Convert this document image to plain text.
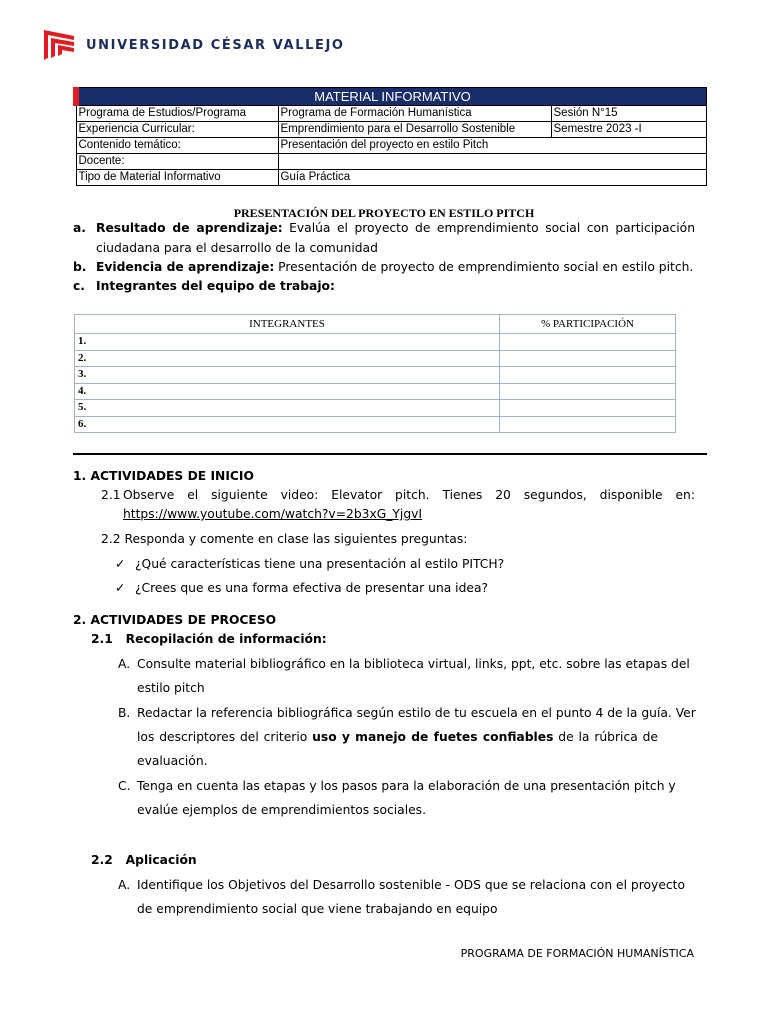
UNIVERSIDAD CÉSAR VALLEJO
MATERIAL INFORMATIVO		
Programa de Estudios/Programa	Programa de Formación Humanística	Sesión N°15
Experiencia Curricular:	Emprendimiento para el Desarrollo Sostenible	Semestre 2023 -I
Contenido temático:	Presentación del proyecto en estilo Pitch	
Docente:		
Tipo de Material Informativo	Guía Práctica	
PRESENTACIÓN DEL PROYECTO EN ESTILO PITCH
a. Resultado de aprendizaje: Evalúa el proyecto de emprendimiento social con participación ciudadana para el desarrollo de la comunidad
b. Evidencia de aprendizaje: Presentación de proyecto de emprendimiento social en estilo pitch.
c. Integrantes del equipo de trabajo:
INTEGRANTES	% PARTICIPACIÓN
1.	
2.	
3.	
4.	
5.	
6.	
1. ACTIVIDADES DE INICIO
2.1 Observe el siguiente video: Elevator pitch. Tienes 20 segundos, disponible en:
https://www.youtube.com/watch?v=2b3xG_YjgvI
2.2 Responda y comente en clase las siguientes preguntas:
✓ ¿Qué características tiene una presentación al estilo PITCH?
✓ ¿Crees que es una forma efectiva de presentar una idea?
2. ACTIVIDADES DE PROCESO
2.1   Recopilación de información:
A. Consulte material bibliográfico en la biblioteca virtual, links, ppt, etc. sobre las etapas del
estilo pitch
B. Redactar la referencia bibliográfica según estilo de tu escuela en el punto 4 de la guía. Ver
los descriptores del criterio uso y manejo de fuetes confiables de la rúbrica de
evaluación.
C. Tenga en cuenta las etapas y los pasos para la elaboración de una presentación pitch y
evalúe ejemplos de emprendimientos sociales.
2.2   Aplicación
A. Identifique los Objetivos del Desarrollo sostenible - ODS que se relaciona con el proyecto
de emprendimiento social que viene trabajando en equipo
PROGRAMA DE FORMACIÓN HUMANÍSTICA
